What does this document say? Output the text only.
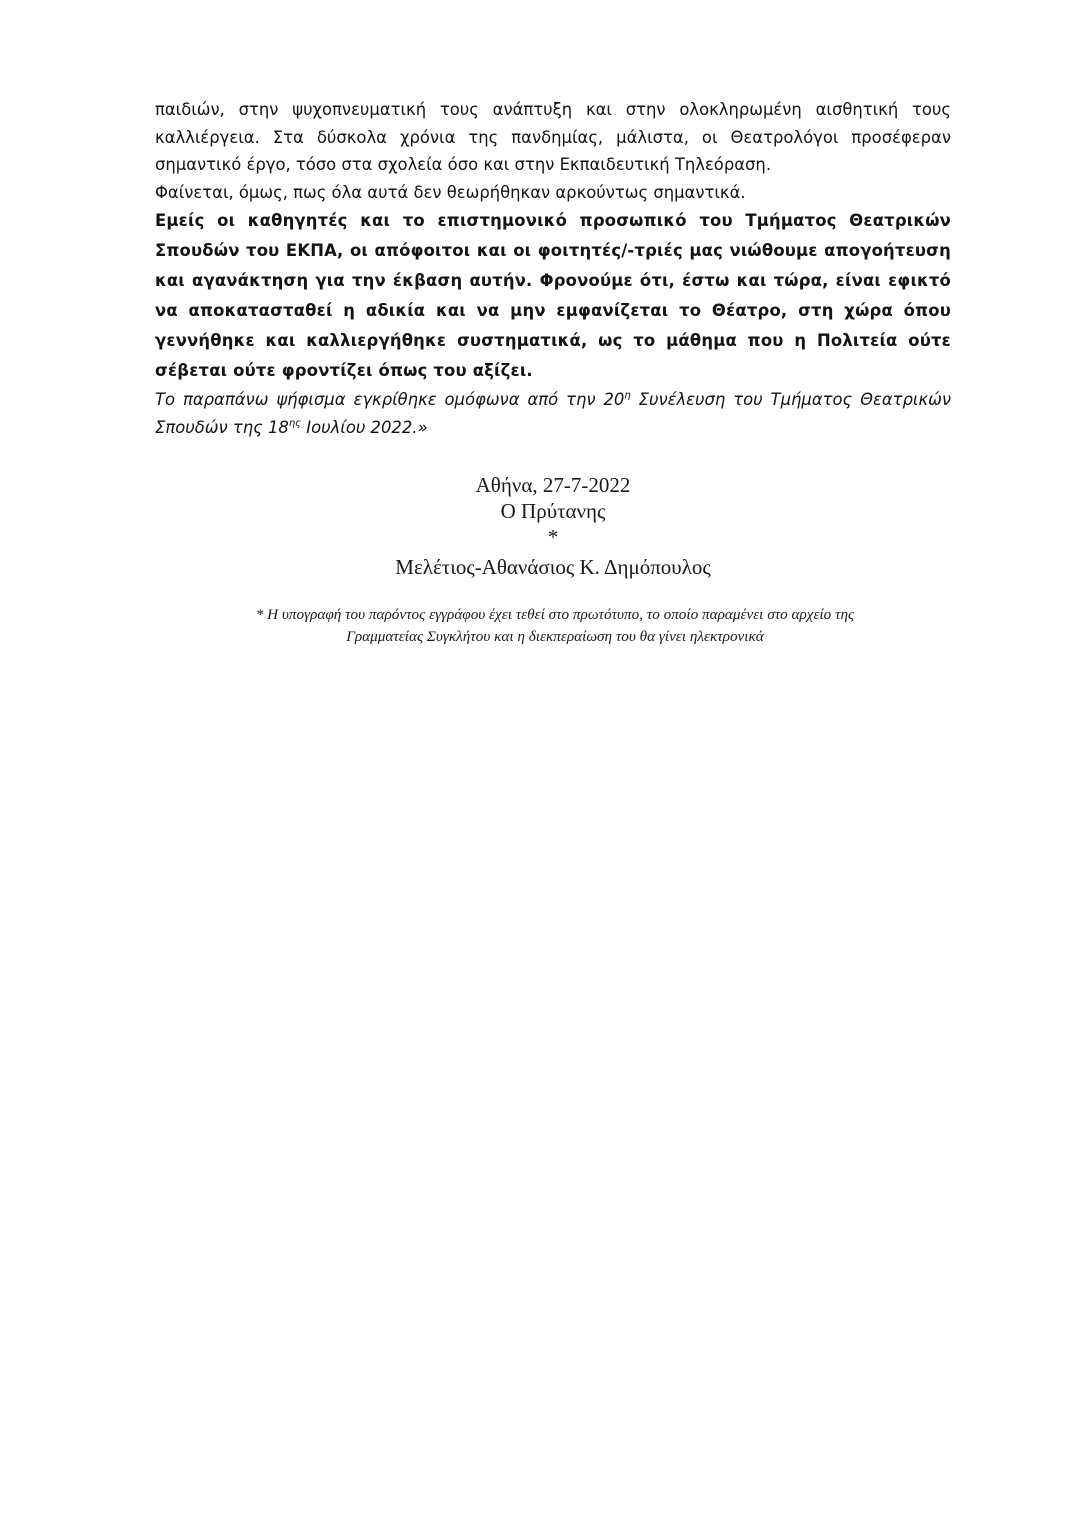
παιδιών, στην ψυχοπνευματική τους ανάπτυξη και στην ολοκληρωμένη αισθητική τους καλλιέργεια. Στα δύσκολα χρόνια της πανδημίας, μάλιστα, οι Θεατρολόγοι προσέφεραν σημαντικό έργο, τόσο στα σχολεία όσο και στην Εκπαιδευτική Τηλεόραση.

Φαίνεται, όμως, πως όλα αυτά δεν θεωρήθηκαν αρκούντως σημαντικά.

Εμείς οι καθηγητές και το επιστημονικό προσωπικό του Τμήματος Θεατρικών Σπουδών του ΕΚΠΑ, οι απόφοιτοι και οι φοιτητές/-τριές μας νιώθουμε απογοήτευση και αγανάκτηση για την έκβαση αυτήν. Φρονούμε ότι, έστω και τώρα, είναι εφικτό να αποκατασταθεί η αδικία και να μην εμφανίζεται το Θέατρο, στη χώρα όπου γεννήθηκε και καλλιεργήθηκε συστηματικά, ως το μάθημα που η Πολιτεία ούτε σέβεται ούτε φροντίζει όπως του αξίζει.

Το παραπάνω ψήφισμα εγκρίθηκε ομόφωνα από την $20^\eta$ Συνέλευση του Τμήματος Θεατρικών Σπουδών της $18^{\eta\varsigma}$ Ιουλίου 2022.»

Αθήνα, 27-7-2022
Ο Πρύτανης
*
Μελέτιος-Αθανάσιος Κ. Δημόπουλος
* Η υπογραφή του παρόντος εγγράφου έχει τεθεί στο πρωτότυπο, το οποίο παραμένει στο αρχείο της
Γραμματείας Συγκλήτου και η διεκπεραίωση του θα γίνει ηλεκτρονικά
